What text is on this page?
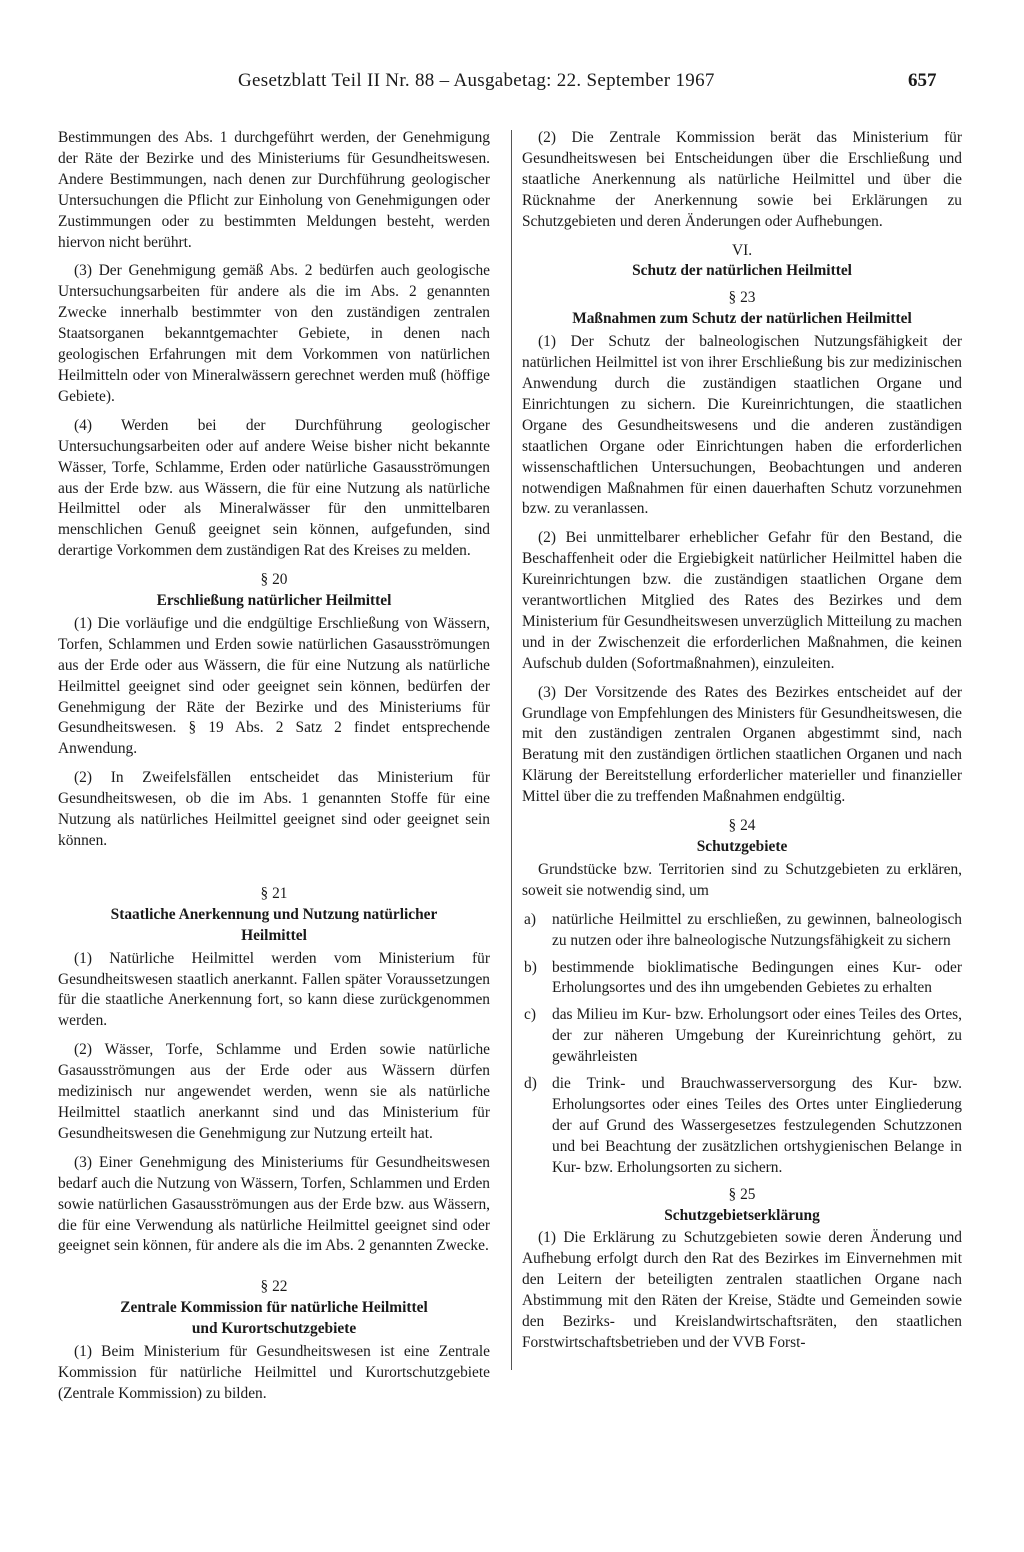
Gesetzblatt Teil II Nr. 88 – Ausgabetag: 22. September 1967	657

Bestimmungen des Abs. 1 durchgeführt werden, der Genehmigung der Räte der Bezirke und des Ministeriums für Gesundheitswesen. Andere Bestimmungen, nach denen zur Durchführung geologischer Untersuchungen die Pflicht zur Einholung von Genehmigungen oder Zustimmungen oder zu bestimmten Meldungen besteht, werden hiervon nicht berührt.

(3) Der Genehmigung gemäß Abs. 2 bedürfen auch geologische Untersuchungsarbeiten für andere als die im Abs. 2 genannten Zwecke innerhalb bestimmter von den zuständigen zentralen Staatsorganen bekanntgemachter Gebiete, in denen nach geologischen Erfahrungen mit dem Vorkommen von natürlichen Heilmitteln oder von Mineralwässern gerechnet werden muß (höffige Gebiete).

(4) Werden bei der Durchführung geologischer Untersuchungsarbeiten oder auf andere Weise bisher nicht bekannte Wässer, Torfe, Schlamme, Erden oder natürliche Gasausströmungen aus der Erde bzw. aus Wässern, die für eine Nutzung als natürliche Heilmittel oder als Mineralwässer für den unmittelbaren menschlichen Genuß geeignet sein können, aufgefunden, sind derartige Vorkommen dem zuständigen Rat des Kreises zu melden.

§ 20
Erschließung natürlicher Heilmittel

(1) Die vorläufige und die endgültige Erschließung von Wässern, Torfen, Schlammen und Erden sowie natürlichen Gasausströmungen aus der Erde oder aus Wässern, die für eine Nutzung als natürliche Heilmittel geeignet sind oder geeignet sein können, bedürfen der Genehmigung der Räte der Bezirke und des Ministeriums für Gesundheitswesen. § 19 Abs. 2 Satz 2 findet entsprechende Anwendung.

(2) In Zweifelsfällen entscheidet das Ministerium für Gesundheitswesen, ob die im Abs. 1 genannten Stoffe für eine Nutzung als natürliches Heilmittel geeignet sind oder geeignet sein können.

§ 21
Staatliche Anerkennung und Nutzung natürlicher Heilmittel

(1) Natürliche Heilmittel werden vom Ministerium für Gesundheitswesen staatlich anerkannt. Fallen später Voraussetzungen für die staatliche Anerkennung fort, so kann diese zurückgenommen werden.

(2) Wässer, Torfe, Schlamme und Erden sowie natürliche Gasausströmungen aus der Erde oder aus Wässern dürfen medizinisch nur angewendet werden, wenn sie als natürliche Heilmittel staatlich anerkannt sind und das Ministerium für Gesundheitswesen die Genehmigung zur Nutzung erteilt hat.

(3) Einer Genehmigung des Ministeriums für Gesundheitswesen bedarf auch die Nutzung von Wässern, Torfen, Schlammen und Erden sowie natürlichen Gasausströmungen aus der Erde bzw. aus Wässern, die für eine Verwendung als natürliche Heilmittel geeignet sind oder geeignet sein können, für andere als die im Abs. 2 genannten Zwecke.

§ 22
Zentrale Kommission für natürliche Heilmittel und Kurortschutzgebiete

(1) Beim Ministerium für Gesundheitswesen ist eine Zentrale Kommission für natürliche Heilmittel und Kurortschutzgebiete (Zentrale Kommission) zu bilden.

(2) Die Zentrale Kommission berät das Ministerium für Gesundheitswesen bei Entscheidungen über die Erschließung und staatliche Anerkennung als natürliche Heilmittel und über die Rücknahme der Anerkennung sowie bei Erklärungen zu Schutzgebieten und deren Änderungen oder Aufhebungen.

VI.
Schutz der natürlichen Heilmittel
§ 23
Maßnahmen zum Schutz der natürlichen Heilmittel

(1) Der Schutz der balneologischen Nutzungsfähigkeit der natürlichen Heilmittel ist von ihrer Erschließung bis zur medizinischen Anwendung durch die zuständigen staatlichen Organe und Einrichtungen zu sichern. Die Kureinrichtungen, die staatlichen Organe des Gesundheitswesens und die anderen zuständigen staatlichen Organe oder Einrichtungen haben die erforderlichen wissenschaftlichen Untersuchungen, Beobachtungen und anderen notwendigen Maßnahmen für einen dauerhaften Schutz vorzunehmen bzw. zu veranlassen.

(2) Bei unmittelbarer erheblicher Gefahr für den Bestand, die Beschaffenheit oder die Ergiebigkeit natürlicher Heilmittel haben die Kureinrichtungen bzw. die zuständigen staatlichen Organe dem verantwortlichen Mitglied des Rates des Bezirkes und dem Ministerium für Gesundheitswesen unverzüglich Mitteilung zu machen und in der Zwischenzeit die erforderlichen Maßnahmen, die keinen Aufschub dulden (Sofortmaßnahmen), einzuleiten.

(3) Der Vorsitzende des Rates des Bezirkes entscheidet auf der Grundlage von Empfehlungen des Ministers für Gesundheitswesen, die mit den zuständigen zentralen Organen abgestimmt sind, nach Beratung mit den zuständigen örtlichen staatlichen Organen und nach Klärung der Bereitstellung erforderlicher materieller und finanzieller Mittel über die zu treffenden Maßnahmen endgültig.

§ 24
Schutzgebiete

Grundstücke bzw. Territorien sind zu Schutzgebieten zu erklären, soweit sie notwendig sind, um

a)	natürliche Heilmittel zu erschließen, zu gewinnen, balneologisch zu nutzen oder ihre balneologische Nutzungsfähigkeit zu sichern
b) bestimmende bioklimatische Bedingungen eines Kur- oder Erholungsortes und des ihn umgebenden Gebietes zu erhalten
c)	das Milieu im Kur- bzw. Erholungsort oder eines Teiles des Ortes, der zur näheren Umgebung der Kureinrichtung gehört, zu gewährleisten
d) die Trink- und Brauchwasserversorgung des Kur- bzw. Erholungsortes oder eines Teiles des Ortes unter Eingliederung der auf Grund des Wassergesetzes festzulegenden Schutzzonen und bei Beachtung der zusätzlichen ortshygienischen Belange in Kur- bzw. Erholungsorten zu sichern.
§ 25
Schutzgebietserklärung

(1) Die Erklärung zu Schutzgebieten sowie deren Änderung und Aufhebung erfolgt durch den Rat des Bezirkes im Einvernehmen mit den Leitern der beteiligten zentralen staatlichen Organe nach Abstimmung mit den Räten der Kreise, Städte und Gemeinden sowie den Bezirks- und Kreislandwirtschaftsräten, den staatlichen Forstwirtschaftsbetrieben und der VVB Forst-
